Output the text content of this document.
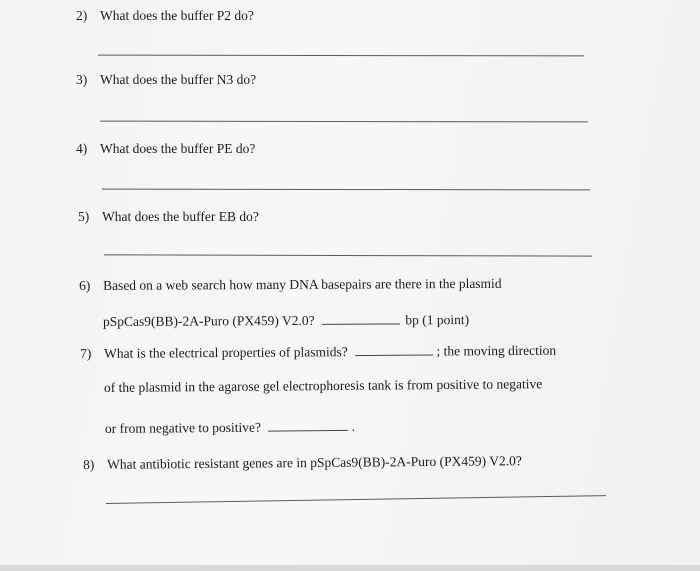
2) What does the buffer P2 do?
3) What does the buffer N3 do?
4) What does the buffer PE do?
5) What does the buffer EB do?
6) Based on a web search how many DNA basepairs are there in the plasmid
pSpCas9(BB)-2A-Puro (PX459) V2.0?	bp (1 point)
7) What is the electrical properties of plasmids?	; the moving direction
of the plasmid in the agarose gel electrophoresis tank is from positive to negative
or from negative to positive?	.
8) What antibiotic resistant genes are in pSpCas9(BB)-2A-Puro (PX459) V2.0?
